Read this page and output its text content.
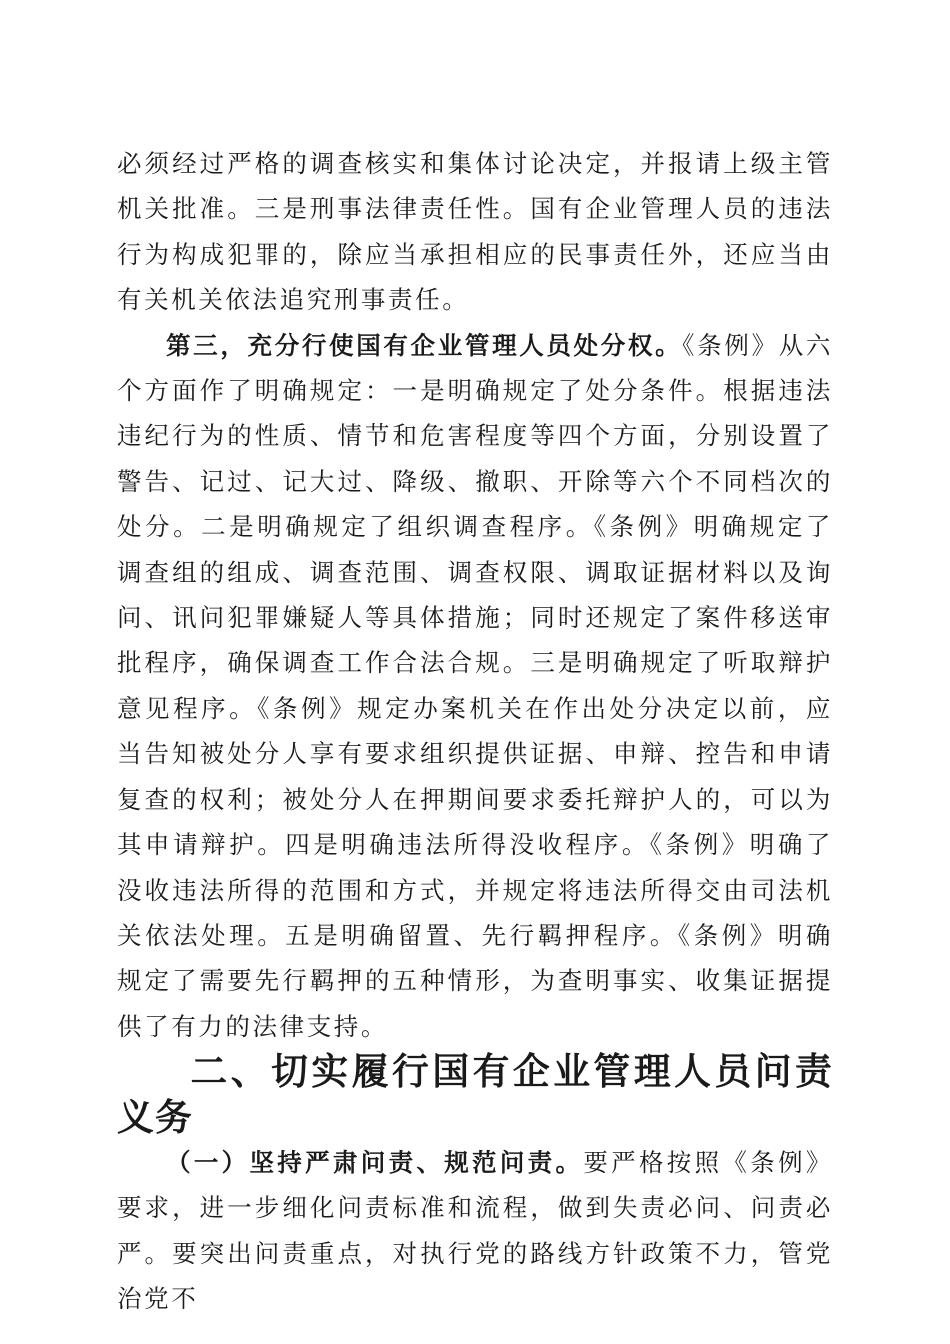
必须经过严格的调查核实和集体讨论决定，并报请上级主管机关批准。三是刑事法律责任性。国有企业管理人员的违法行为构成犯罪的，除应当承担相应的民事责任外，还应当由有关机关依法追究刑事责任。

第三，充分行使国有企业管理人员处分权。《条例》从六个方面作了明确规定：一是明确规定了处分条件。根据违法违纪行为的性质、情节和危害程度等四个方面，分别设置了警告、记过、记大过、降级、撤职、开除等六个不同档次的处分。二是明确规定了组织调查程序。《条例》明确规定了调查组的组成、调查范围、调查权限、调取证据材料以及询问、讯问犯罪嫌疑人等具体措施；同时还规定了案件移送审批程序，确保调查工作合法合规。三是明确规定了听取辩护意见程序。《条例》规定办案机关在作出处分决定以前，应当告知被处分人享有要求组织提供证据、申辩、控告和申请复查的权利；被处分人在押期间要求委托辩护人的，可以为其申请辩护。四是明确违法所得没收程序。《条例》明确了没收违法所得的范围和方式，并规定将违法所得交由司法机关依法处理。五是明确留置、先行羁押程序。《条例》明确规定了需要先行羁押的五种情形，为查明事实、收集证据提供了有力的法律支持。

二、切实履行国有企业管理人员问责义务

（一）坚持严肃问责、规范问责。要严格按照《条例》要求，进一步细化问责标准和流程，做到失责必问、问责必严。要突出问责重点，对执行党的路线方针政策不力，管党治党不
